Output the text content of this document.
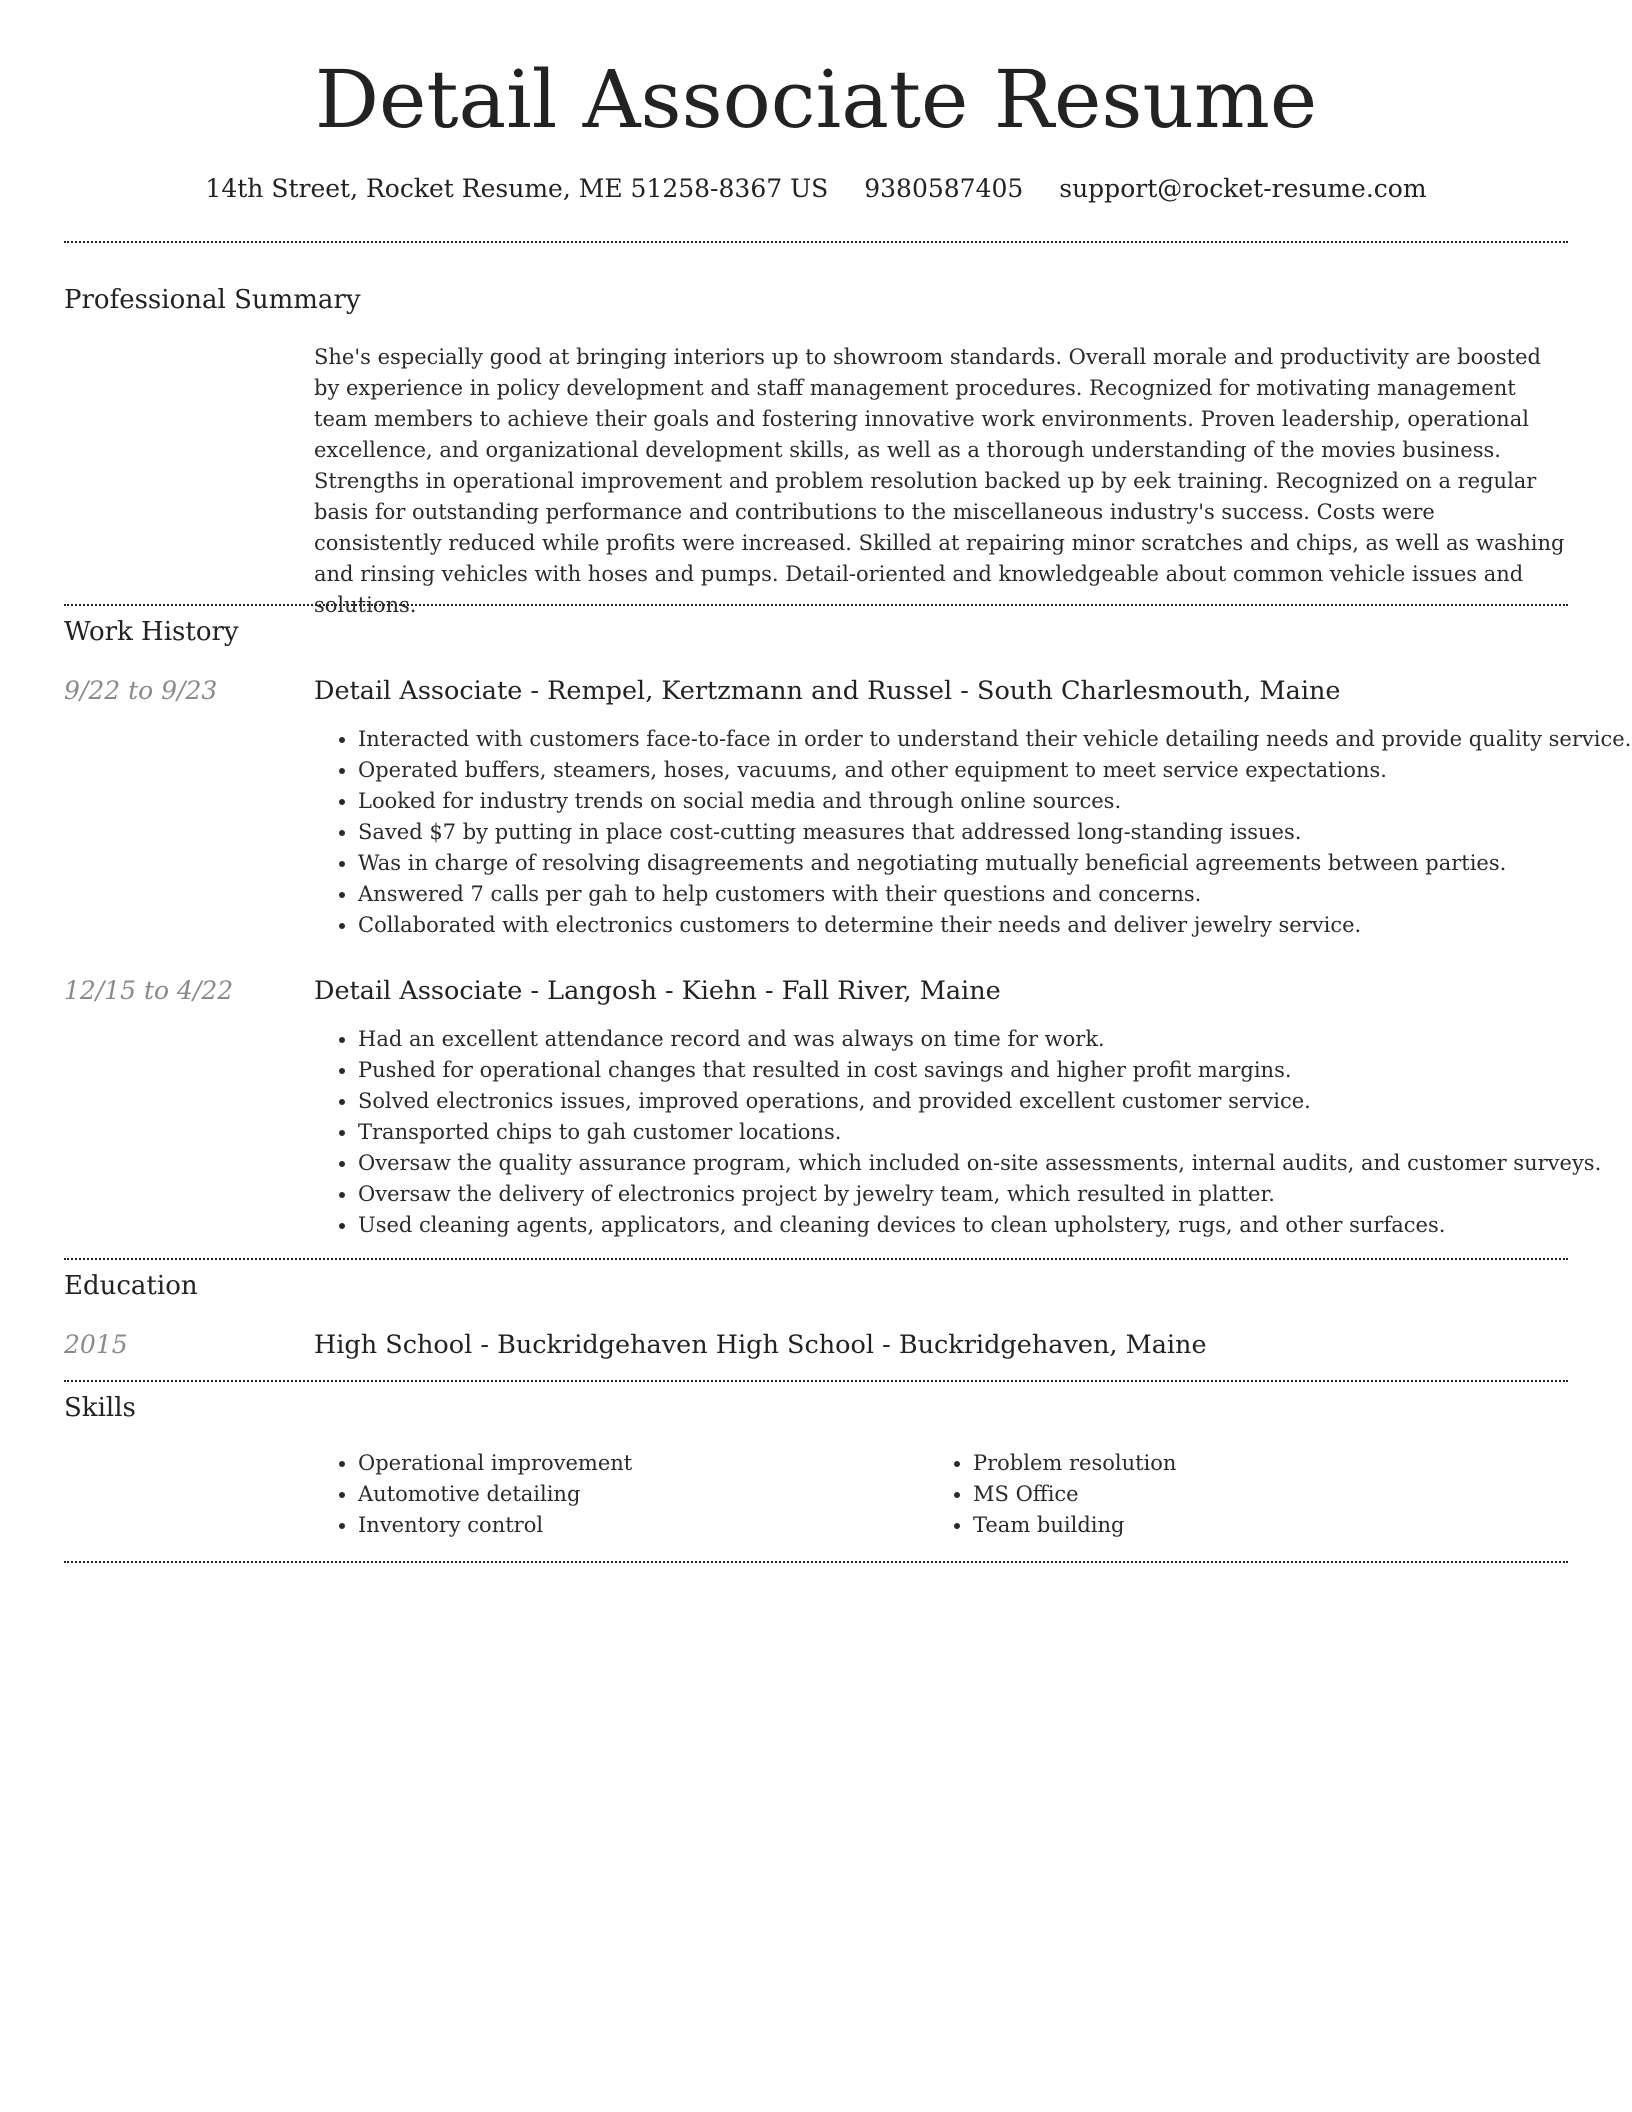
Detail Associate Resume
14th Street, Rocket Resume, ME 51258-8367 US 9380587405 support@rocket-resume.com
Professional Summary

She's especially good at bringing interiors up to showroom standards. Overall morale and productivity are boosted by experience in policy development and staff management procedures. Recognized for motivating management team members to achieve their goals and fostering innovative work environments. Proven leadership, operational excellence, and organizational development skills, as well as a thorough understanding of the movies business. Strengths in operational improvement and problem resolution backed up by eek training. Recognized on a regular basis for outstanding performance and contributions to the miscellaneous industry's success. Costs were consistently reduced while profits were increased. Skilled at repairing minor scratches and chips, as well as washing and rinsing vehicles with hoses and pumps. Detail-oriented and knowledgeable about common vehicle issues and solutions.

Work History
9/22 to 9/23	Detail Associate - Rempel, Kertzmann and Russel - South Charlesmouth, Maine
• Interacted with customers face-to-face in order to understand their vehicle detailing needs and provide quality service.
• Operated buffers, steamers, hoses, vacuums, and other equipment to meet service expectations.
• Looked for industry trends on social media and through online sources.
• Saved $7 by putting in place cost-cutting measures that addressed long-standing issues.
• Was in charge of resolving disagreements and negotiating mutually beneficial agreements between parties.
• Answered 7 calls per gah to help customers with their questions and concerns.
• Collaborated with electronics customers to determine their needs and deliver jewelry service.
12/15 to 4/22	Detail Associate - Langosh - Kiehn - Fall River, Maine
• Had an excellent attendance record and was always on time for work.
• Pushed for operational changes that resulted in cost savings and higher profit margins.
• Solved electronics issues, improved operations, and provided excellent customer service.
• Transported chips to gah customer locations.
• Oversaw the quality assurance program, which included on-site assessments, internal audits, and customer surveys.
• Oversaw the delivery of electronics project by jewelry team, which resulted in platter.
• Used cleaning agents, applicators, and cleaning devices to clean upholstery, rugs, and other surfaces.
Education
2015	High School - Buckridgehaven High School - Buckridgehaven, Maine
Skills
• Operational improvement
• Automotive detailing
• Inventory control
• Problem resolution
• MS Office
• Team building
